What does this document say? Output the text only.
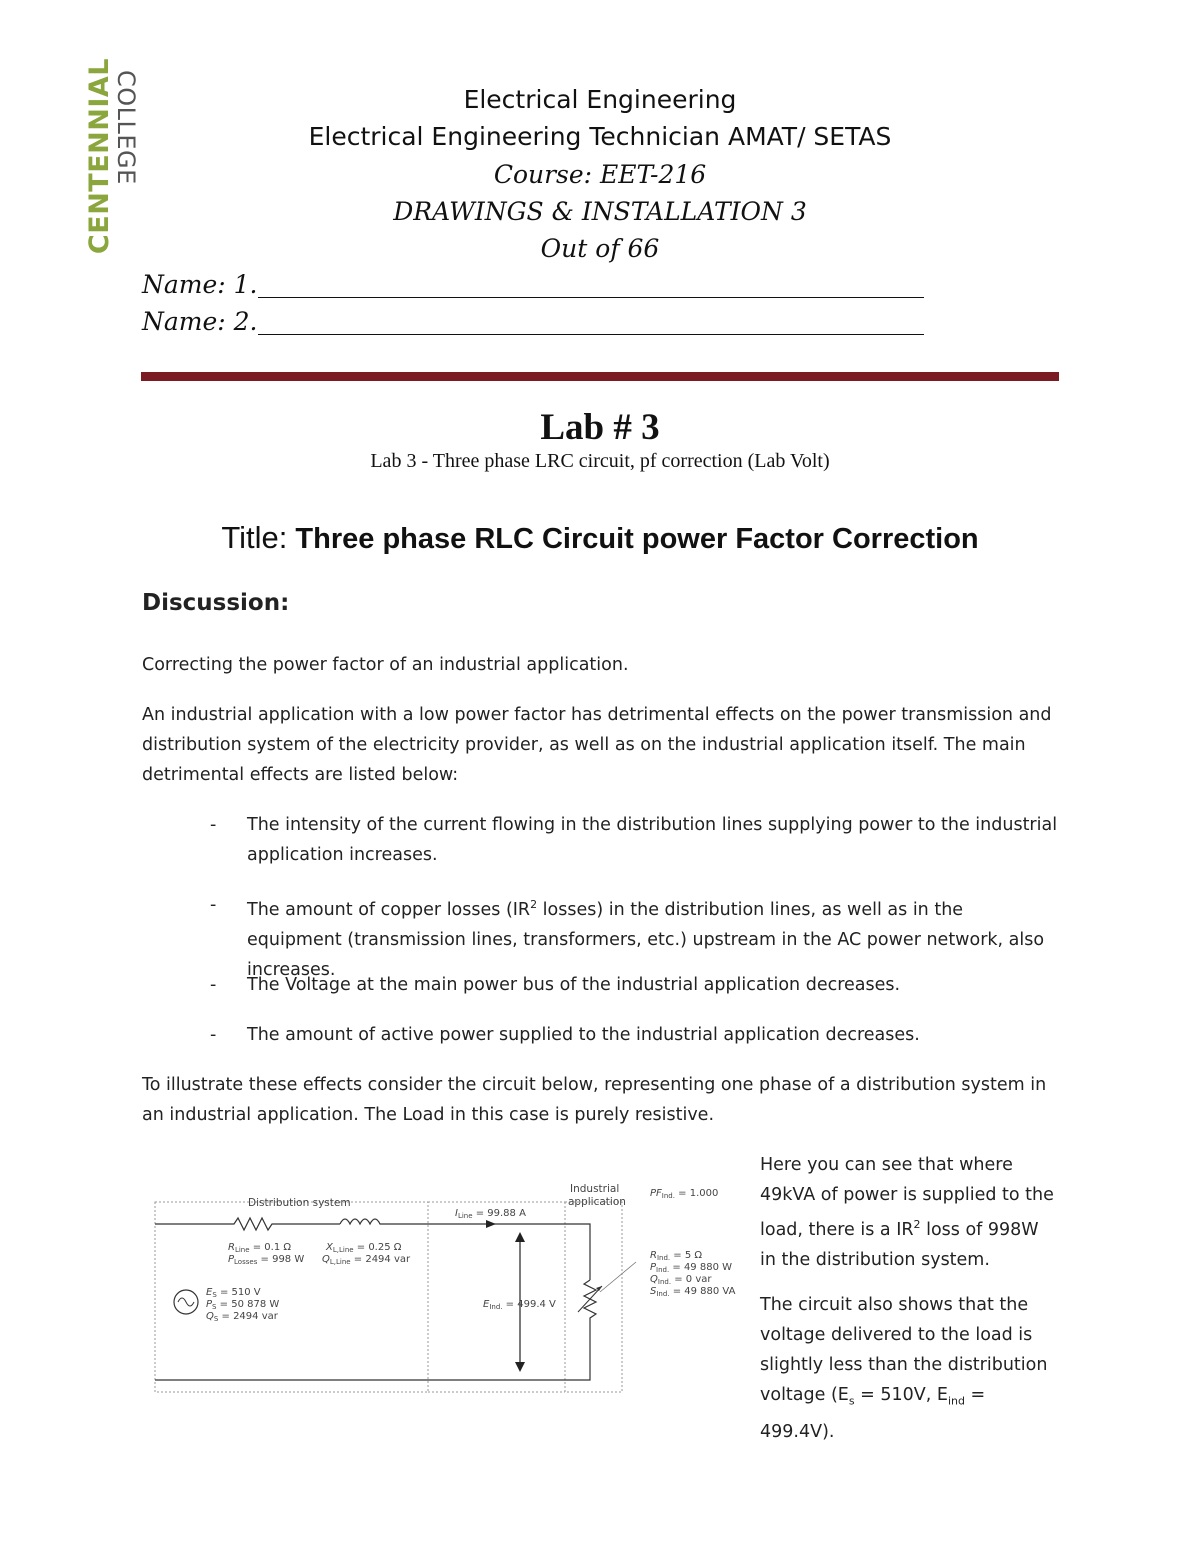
CENTENNIAL
COLLEGE	Electrical Engineering
Electrical Engineering Technician AMAT/ SETAS
Course: EET-216
DRAWINGS & INSTALLATION 3
Out of 66
Name: 1.
Name: 2.
Lab # 3
Lab 3 - Three phase LRC circuit, pf correction (Lab Volt)
Title: Three phase RLC Circuit power Factor Correction
Discussion:
Correcting the power factor of an industrial application.
An industrial application with a low power factor has detrimental effects on the power transmission and distribution system of the electricity provider, as well as on the industrial application itself. The main detrimental effects are listed below:
- The intensity of the current flowing in the distribution lines supplying power to the industrial application increases.
- The amount of copper losses ($IR^2$ losses) in the distribution lines, as well as in the equipment (transmission lines, transformers, etc.) upstream in the AC power network, also increases.
- The Voltage at the main power bus of the industrial application decreases.
- The amount of active power supplied to the industrial application decreases.
To illustrate these effects consider the circuit below, representing one phase of a distribution system in an industrial application. The Load in this case is purely resistive.
Here you can see that where 49kVA of power is supplied to the load, there is a $IR^2$ loss of 998W in the distribution system.
The circuit also shows that the voltage delivered to the load is slightly less than the distribution voltage ($E_s = 510V$, $E_{ind} = 499.4V$).
Distribution system
Industrial
application
$R_{Line} = 0.1$ Ω
$P_{Losses} = 998$ W
$X_{L,Line} = 0.25$ Ω
$Q_{L,Line} = 2494$ var
$E_S = 510$ V
$P_S = 50$ 878 W
$Q_S = 2494$ var
$I_{Line} = 99.88$ A
$E_{Ind.} = 499.4$ V
$PF_{Ind.} = 1.000$
$R_{Ind.} = 5$ Ω
$P_{Ind.} = 49$ 880 W
$Q_{Ind.} = 0$ var
$S_{Ind.} = 49$ 880 VA
